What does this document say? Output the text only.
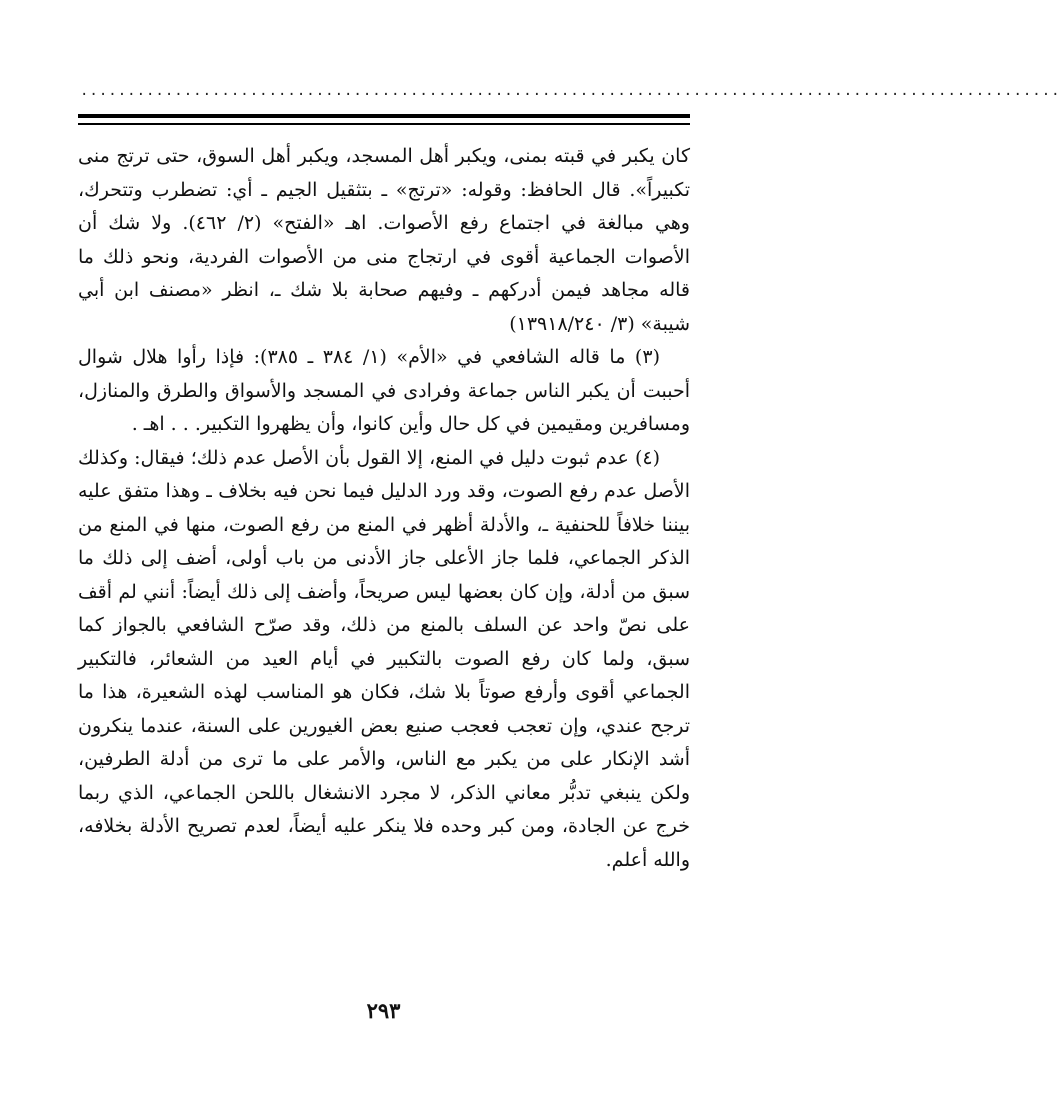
........................................................................................................

كان يكبر في قبته بمنى، ويكبر أهل المسجد، ويكبر أهل السوق، حتى ترتج منى تكبيراً». قال الحافظ: وقوله: «ترتج» ـ بتثقيل الجيم ـ أي: تضطرب وتتحرك، وهي مبالغة في اجتماع رفع الأصوات. اهـ «الفتح» (٢/ ٤٦٢). ولا شك أن الأصوات الجماعية أقوى في ارتجاج منى من الأصوات الفردية، ونحو ذلك ما قاله مجاهد فيمن أدركهم ـ وفيهم صحابة بلا شك ـ، انظر «مصنف ابن أبي شيبة» (٣/ ١٣٩١٨/٢٤٠)

(٣) ما قاله الشافعي في «الأم» (١/ ٣٨٤ ـ ٣٨٥): فإذا رأوا هلال شوال أحببت أن يكبر الناس جماعة وفرادى في المسجد والأسواق والطرق والمنازل، ومسافرين ومقيمين في كل حال وأين كانوا، وأن يظهروا التكبير. . . اهـ .

(٤) عدم ثبوت دليل في المنع، إلا القول بأن الأصل عدم ذلك؛ فيقال: وكذلك الأصل عدم رفع الصوت، وقد ورد الدليل فيما نحن فيه بخلاف ـ وهذا متفق عليه بيننا خلافاً للحنفية ـ، والأدلة أظهر في المنع من رفع الصوت، منها في المنع من الذكر الجماعي، فلما جاز الأعلى جاز الأدنى من باب أولى، أضف إلى ذلك ما سبق من أدلة، وإن كان بعضها ليس صريحاً، وأضف إلى ذلك أيضاً: أنني لم أقف على نصّ واحد عن السلف بالمنع من ذلك، وقد صرّح الشافعي بالجواز كما سبق، ولما كان رفع الصوت بالتكبير في أيام العيد من الشعائر، فالتكبير الجماعي أقوى وأرفع صوتاً بلا شك، فكان هو المناسب لهذه الشعيرة، هذا ما ترجح عندي، وإن تعجب فعجب صنيع بعض الغيورين على السنة، عندما ينكرون أشد الإنكار على من يكبر مع الناس، والأمر على ما ترى من أدلة الطرفين، ولكن ينبغي تدبُّر معاني الذكر، لا مجرد الانشغال باللحن الجماعي، الذي ربما خرج عن الجادة، ومن كبر وحده فلا ينكر عليه أيضاً، لعدم تصريح الأدلة بخلافه، والله أعلم.

٢٩٣
